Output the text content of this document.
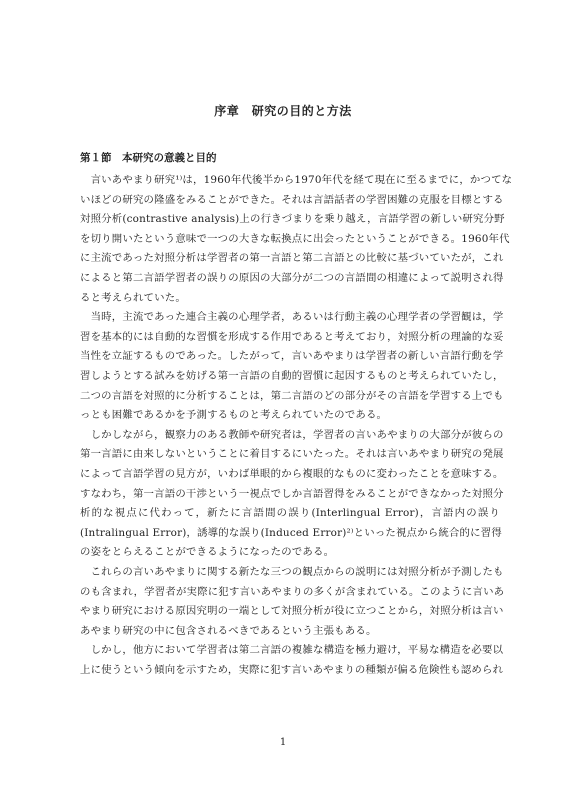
序章　研究の目的と方法
第１節　本研究の意義と目的
　言いあやまり研究¹⁾は，1960年代後半から1970年代を経て現在に至るまでに，かつてな
いほどの研究の隆盛をみることができた。それは言語話者の学習困難の克服を目標とする
対照分析(contrastive analysis)上の行きづまりを乗り越え，言語学習の新しい研究分野
を切り開いたという意味で一つの大きな転換点に出会ったということができる。1960年代
に主流であった対照分析は学習者の第一言語と第二言語との比較に基づいていたが，これ
によると第二言語学習者の誤りの原因の大部分が二つの言語間の相違によって説明され得
ると考えられていた。
　当時，主流であった連合主義の心理学者，あるいは行動主義の心理学者の学習観は，学
習を基本的には自動的な習慣を形成する作用であると考えており，対照分析の理論的な妥
当性を立証するものであった。したがって，言いあやまりは学習者の新しい言語行動を学
習しようとする試みを妨げる第一言語の自動的習慣に起因するものと考えられていたし，
二つの言語を対照的に分析することは，第二言語のどの部分がその言語を学習する上でも
っとも困難であるかを予測するものと考えられていたのである。
　しかしながら，観察力のある教師や研究者は，学習者の言いあやまりの大部分が彼らの
第一言語に由来しないということに着目するにいたった。それは言いあやまり研究の発展
によって言語学習の見方が，いわば単眼的から複眼的なものに変わったことを意味する。
すなわち，第一言語の干渉という一視点でしか言語習得をみることができなかった対照分
析的な視点に代わって，新たに言語間の誤り(Interlingual Error)，言語内の誤り
(Intralingual Error)，誘導的な誤り(Induced Error)²⁾といった視点から統合的に習得
の姿をとらえることができるようになったのである。
　これらの言いあやまりに関する新たな三つの観点からの説明には対照分析が予測したも
のも含まれ，学習者が実際に犯す言いあやまりの多くが含まれている。このように言いあ
やまり研究における原因究明の一端として対照分析が役に立つことから，対照分析は言い
あやまり研究の中に包含されるべきであるという主張もある。
　しかし，他方において学習者は第二言語の複雑な構造を極力避け，平易な構造を必要以
上に使うという傾向を示すため，実際に犯す言いあやまりの種類が偏る危険性も認められ
1
